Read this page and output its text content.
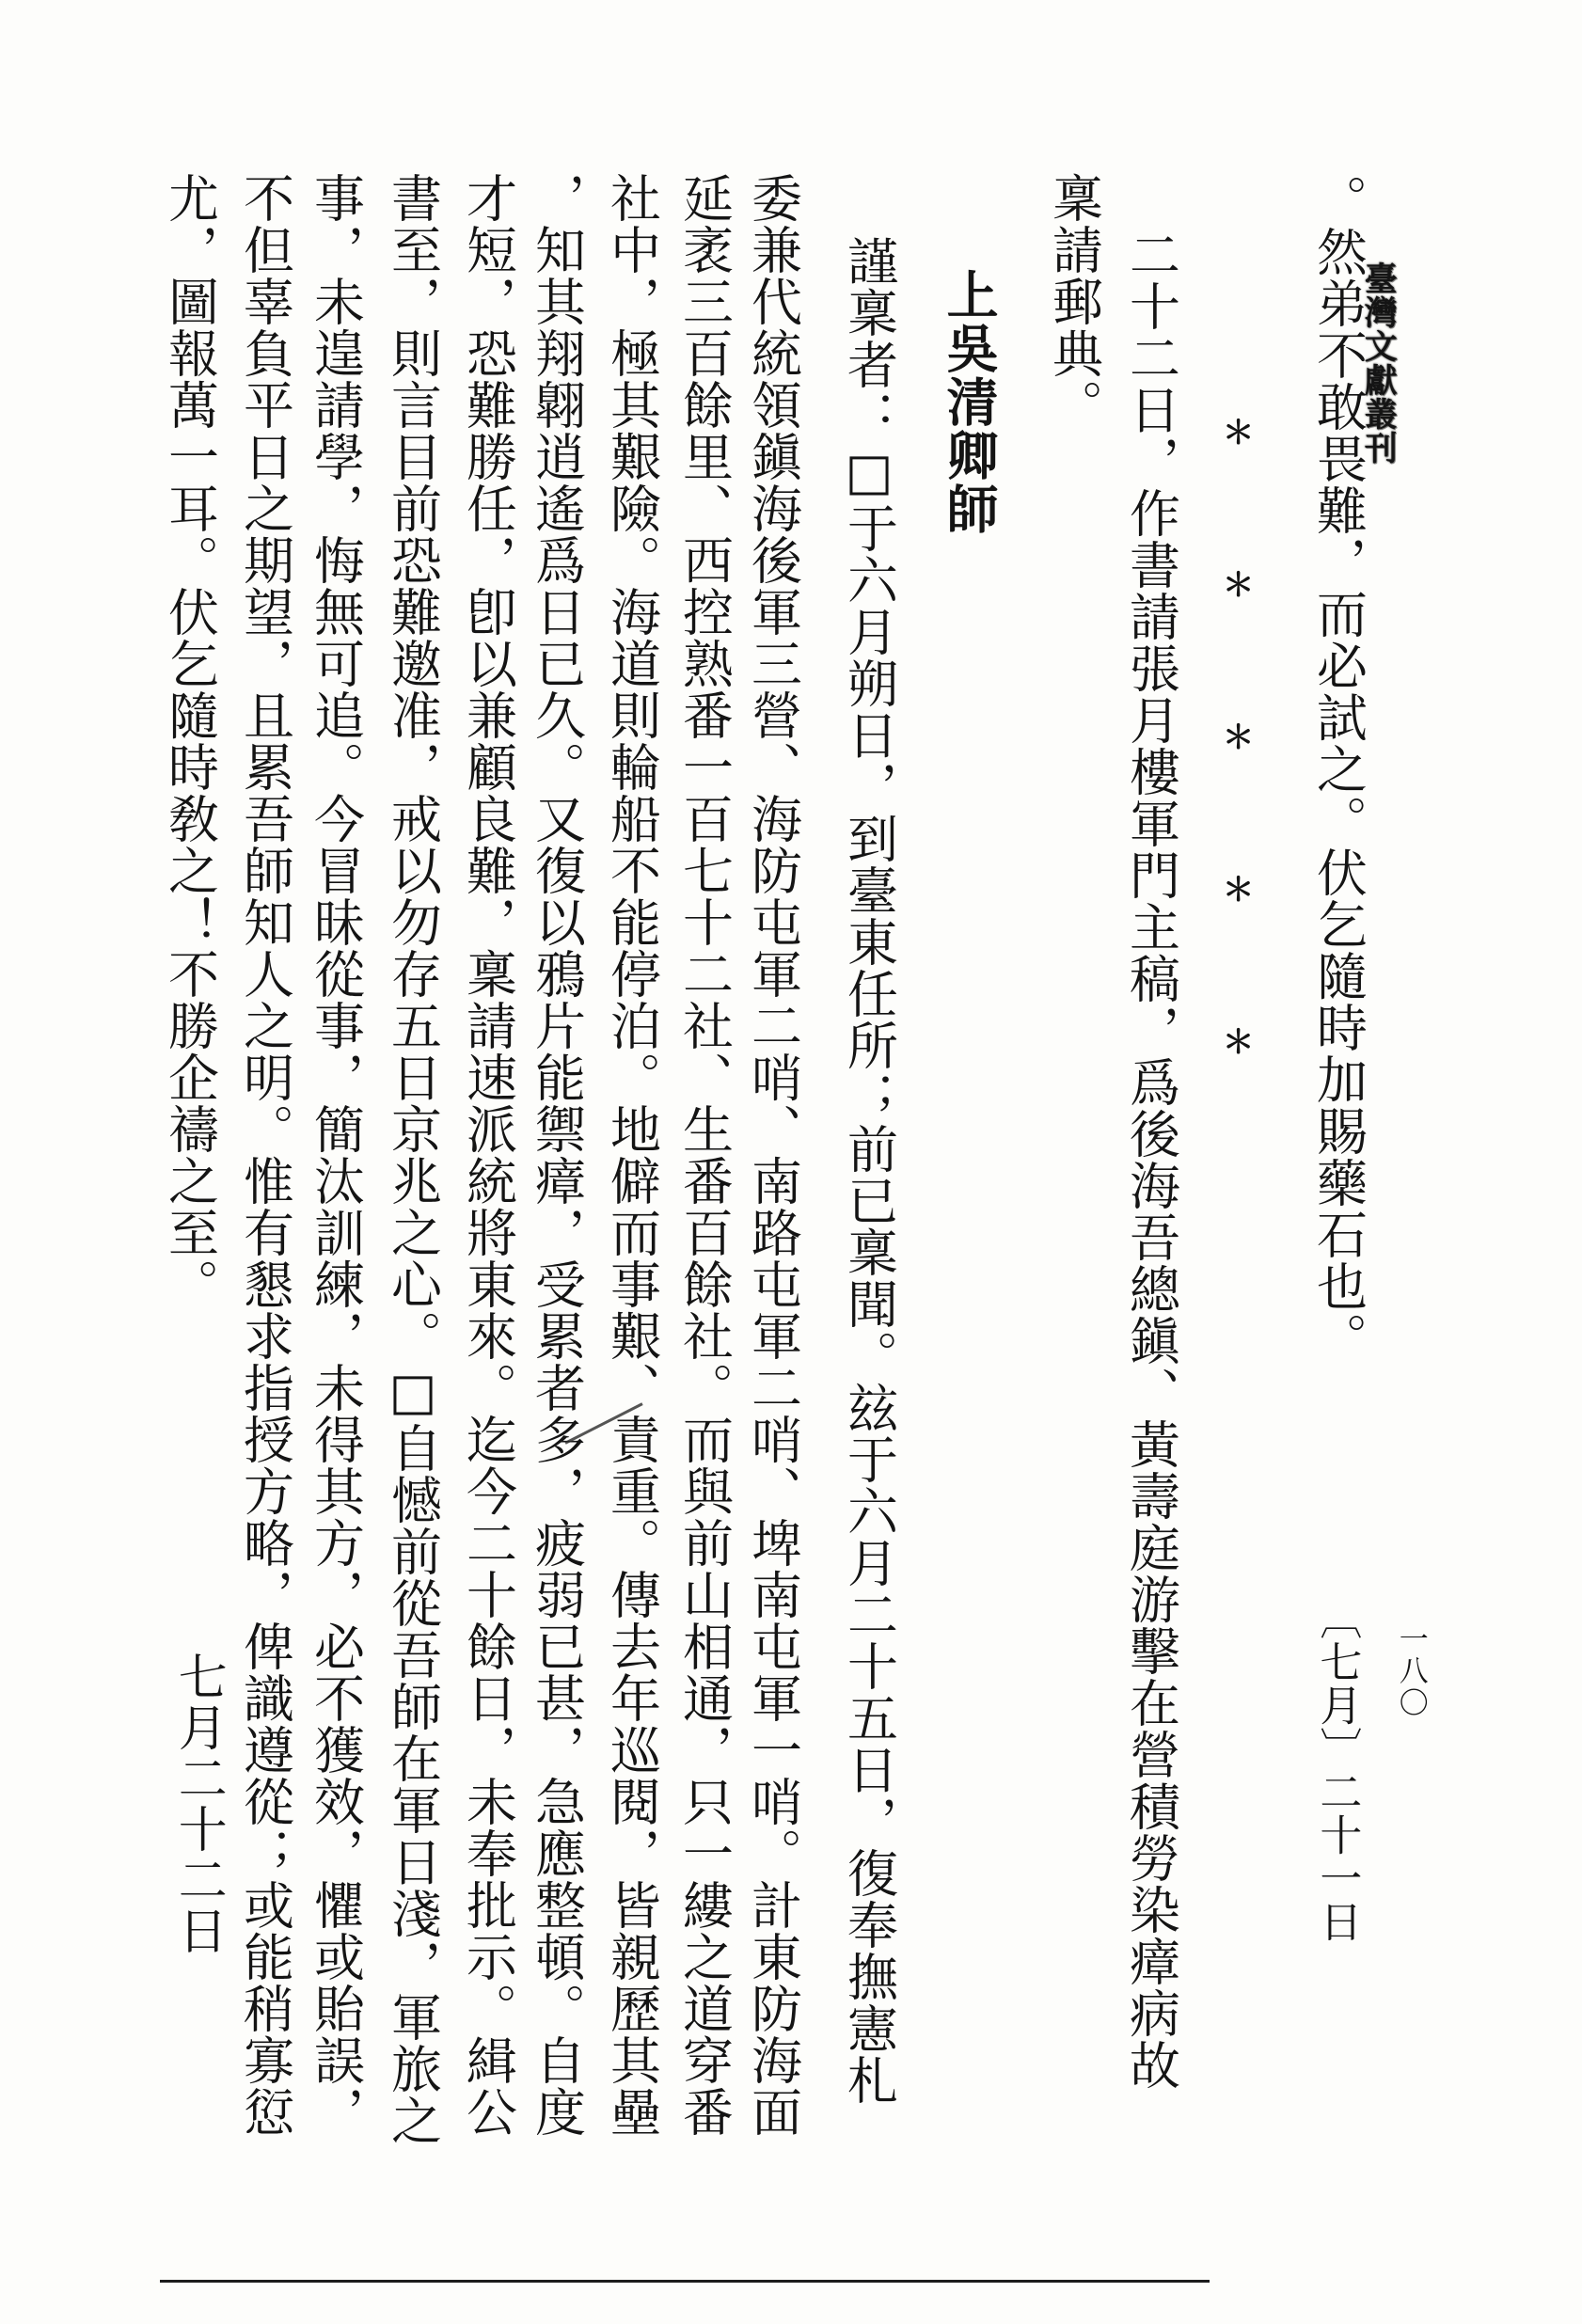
臺灣文獻叢刊
一八〇
。然弟不敢畏難，而必試之。伏乞隨時加賜藥石也。
〔七月〕二十一日
＊＊＊＊＊
二十二日，作書請張月樓軍門主稿，爲後海吾總鎭、黃壽庭游擊在營積勞染瘴病故
稟請郵典。
上吳清卿師
謹稟者：□于六月朔日，到臺東任所；前已稟聞。玆于六月二十五日，復奉撫憲札
委兼代統領鎭海後軍三營、海防屯軍二哨、南路屯軍二哨、埤南屯軍一哨。計東防海面
延袤三百餘里、西控熟番一百七十二社、生番百餘社。而與前山相通，只一縷之道穿番
社中，極其艱險。海道則輪船不能停泊。地僻而事艱、責重。傳去年巡閱，皆親歷其壘
，知其翔翺逍遙爲日已久。又復以鴉片能禦瘴，受累者多，疲弱已甚，急應整頓。自度
才短，恐難勝任，卽以兼顧良難，稟請速派統將東來。迄今二十餘日，未奉批示。緝公
書至，則言目前恐難邀准，戒以勿存五日京兆之心。□自憾前從吾師在軍日淺，軍旅之
事，未遑請學，悔無可追。今冒昧從事，簡汰訓練，未得其方，必不獲效，懼或貽誤，
不但辜負平日之期望，且累吾師知人之明。惟有懇求指授方略，俾識遵從；或能稍寡愆
尤，圖報萬一耳。伏乞隨時敎之！不勝企禱之至。
七月二十二日
